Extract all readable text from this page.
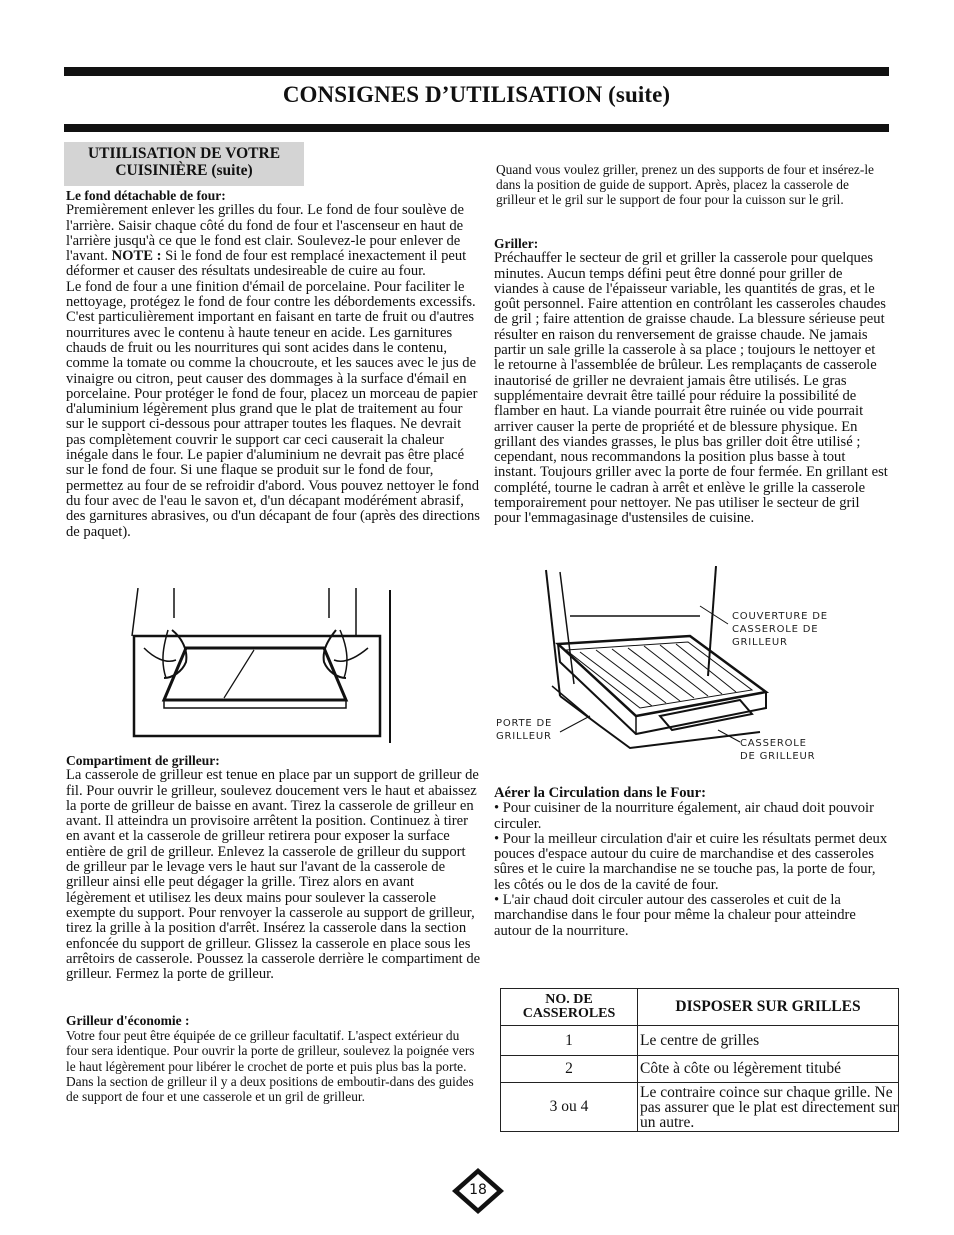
CONSIGNES D’UTILISATION (suite)
UTIILISATION DE VOTRE
CUISINIÈRE (suite)

Le fond détachable de four:

Premièrement enlever les grilles du four. Le fond de four soulève de l'arrière. Saisir chaque côté du fond de four et l'ascenseur en haut de l'arrière jusqu'à ce que le fond est clair. Soulevez-le pour enlever de l'avant. NOTE : Si le fond de four est remplacé inexactement il peut déformer et causer des résultats undesireable de cuire au four.

Le fond de four a une finition d'émail de porcelaine. Pour faciliter le nettoyage, protégez le fond de four contre les débordements excessifs. C'est particulièrement important en faisant en tarte de fruit ou d'autres nourritures avec le contenu à haute teneur en acide. Les garnitures chauds de fruit ou les nourritures qui sont acides dans le contenu, comme la tomate ou comme la choucroute, et les sauces avec le jus de vinaigre ou citron, peut causer des dommages à la surface d'émail en porcelaine. Pour protéger le fond de four, placez un morceau de papier d'aluminium légèrement plus grand que le plat de traitement au four sur le support ci-dessous pour attraper toutes les flaques. Ne devrait pas complètement couvrir le support car ceci causerait la chaleur inégale dans le four. Le papier d'aluminium ne devrait pas être placé sur le fond de four. Si une flaque se produit sur le fond de four, permettez au four de se refroidir d'abord. Vous pouvez nettoyer le fond du four avec de l'eau le savon et, d'un décapant modérément abrasif, des garnitures abrasives, ou d'un décapant de four (après des directions de paquet).

Compartiment de grilleur:

La casserole de grilleur est tenue en place par un support de grilleur de fil. Pour ouvrir le grilleur, soulevez doucement vers le haut et abaissez la porte de grilleur de baisse en avant. Tirez la casserole de grilleur en avant. Il atteindra un provisoire arrêtent la position. Continuez à tirer en avant et la casserole de grilleur retirera pour exposer la surface entière de gril de grilleur. Enlevez la casserole de grilleur du support de grilleur par le levage vers le haut sur l'avant de la casserole de grilleur ainsi elle peut dégager la grille. Tirez alors en avant légèrement et utilisez les deux mains pour soulever la casserole exempte du support. Pour renvoyer la casserole au support de grilleur, tirez la grille à la position d'arrêt. Insérez la casserole dans la section enfoncée du support de grilleur. Glissez la casserole en place sous les arrêtoirs de casserole. Poussez la casserole derrière le compartiment de grilleur. Fermez la porte de grilleur.

Grilleur d'économie :

Votre four peut être équipée de ce grilleur facultatif. L'aspect extérieur du four sera identique. Pour ouvrir la porte de grilleur, soulevez la poignée vers le haut légèrement pour libérer le crochet de porte et puis plus bas la porte. Dans la section de grilleur il y a deux positions de emboutir-dans des guides de support de four et une casserole et un gril de grilleur.

Quand vous voulez griller, prenez un des supports de four et insérez-le dans la position de guide de support. Après, placez la casserole de grilleur et le gril sur le support de four pour la cuisson sur le gril.

Griller:

Préchauffer le secteur de gril et griller la casserole pour quelques minutes. Aucun temps défini peut être donné pour griller de viandes à cause de l'épaisseur variable, les quantités de gras, et le goût personnel. Faire attention en contrôlant les casseroles chaudes de gril ; faire attention de graisse chaude. La blessure sérieuse peut résulter en raison du renversement de graisse chaude. Ne jamais partir un sale grille la casserole à sa place ; toujours le nettoyer et le retourne à l'assemblée de brûleur. Les remplaçants de casserole inautorisé de griller ne devraient jamais être utilisés. Le gras supplémentaire devrait être taillé pour réduire la possibilité de flamber en haut. La viande pourrait être ruinée ou vide pourrait arriver causer la perte de propriété et de blessure physique. En grillant des viandes grasses, le plus bas griller doit être utilisé ; cependant, nous recommandons la position plus basse à tout instant. Toujours griller avec la porte de four fermée. En grillant est complété, tourne le cadran à arrêt et enlève le grille la casserole temporairement pour nettoyer. Ne pas utiliser le secteur de gril pour l'emmagasinage d'ustensiles de cuisine.

COUVERTURE DE
CASSEROLE DE
GRILLEUR
PORTE DE
GRILLEUR
CASSEROLE
DE GRILLEUR

Aérer la Circulation dans le Four:

• Pour cuisiner de la nourriture également, air chaud doit pouvoir circuler.

• Pour la meilleur circulation d'air et cuire les résultats permet deux pouces d'espace autour du cuire de marchandise et des casseroles sûres et le cuire la marchandise ne se touche pas, la porte de four, les côtés ou le dos de la cavité de four.

• L'air chaud doit circuler autour des casseroles et cuit de la marchandise dans le four pour même la chaleur pour atteindre autour de la nourriture.

NO. DE
CASSEROLES	DISPOSER SUR GRILLES
1	Le centre de grilles
2	Côte à côte ou légèrement titubé
3 ou 4	Le contraire coince sur chaque grille. Ne pas assurer que le plat est directement sur un autre.
18
